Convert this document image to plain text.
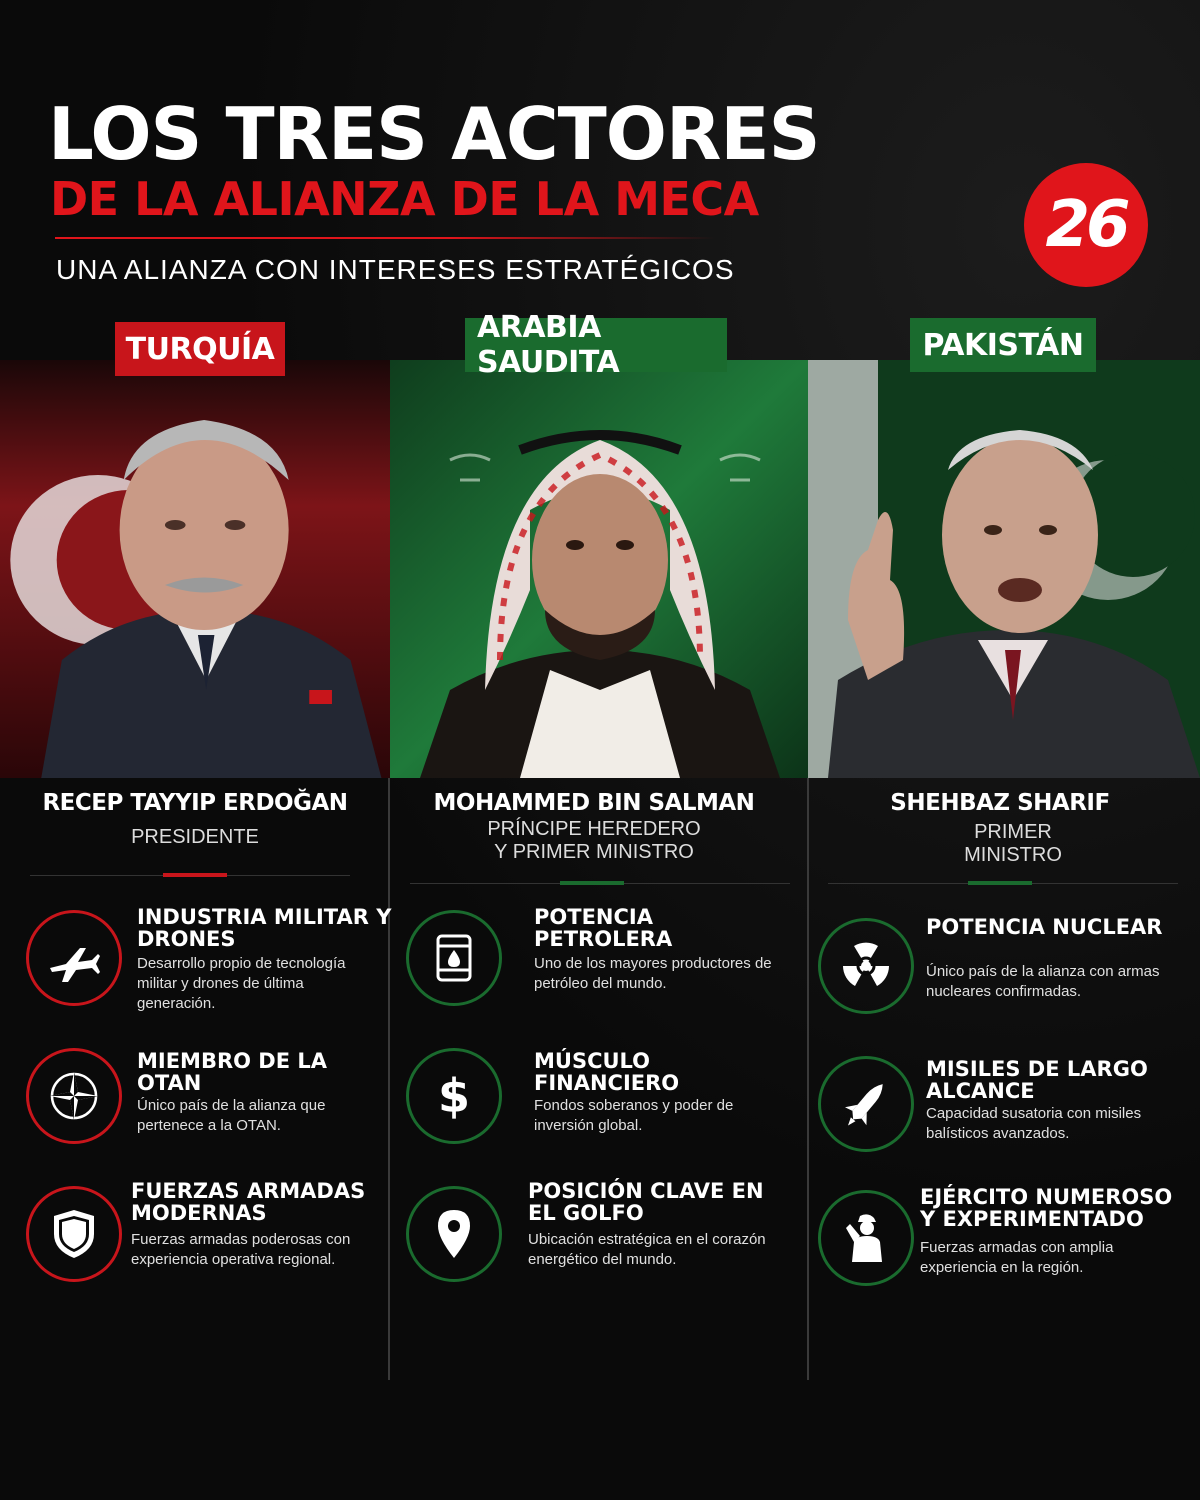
LOS TRES ACTORES
DE LA ALIANZA DE LA MECA
UNA ALIANZA CON INTERESES ESTRATÉGICOS
26
TURQUÍA
RECEP TAYYIP ERDOĞAN
PRESIDENTE
INDUSTRIA MILITAR Y DRONES
Desarrollo propio de tecnología militar y drones de última generación.
MIEMBRO DE LA OTAN
Único país de la alianza que pertenece a la OTAN.
FUERZAS ARMADAS MODERNAS
Fuerzas armadas poderosas con experiencia operativa regional.
ARABIA SAUDITA
MOHAMMED BIN SALMAN
PRÍNCIPE HEREDERO
Y PRIMER MINISTRO
POTENCIA PETROLERA
Uno de los mayores productores de petróleo del mundo.
$
MÚSCULO FINANCIERO
Fondos soberanos y poder de inversión global.
POSICIÓN CLAVE EN EL GOLFO
Ubicación estratégica en el corazón energético del mundo.
PAKISTÁN
SHEHBAZ SHARIF
PRIMER
MINISTRO
POTENCIA NUCLEAR
Único país de la alianza con armas nucleares confirmadas.
MISILES DE LARGO ALCANCE
Capacidad susatoria con misiles balísticos avanzados.
EJÉRCITO NUMEROSO Y EXPERIMENTADO
Fuerzas armadas con amplia experiencia en la región.
